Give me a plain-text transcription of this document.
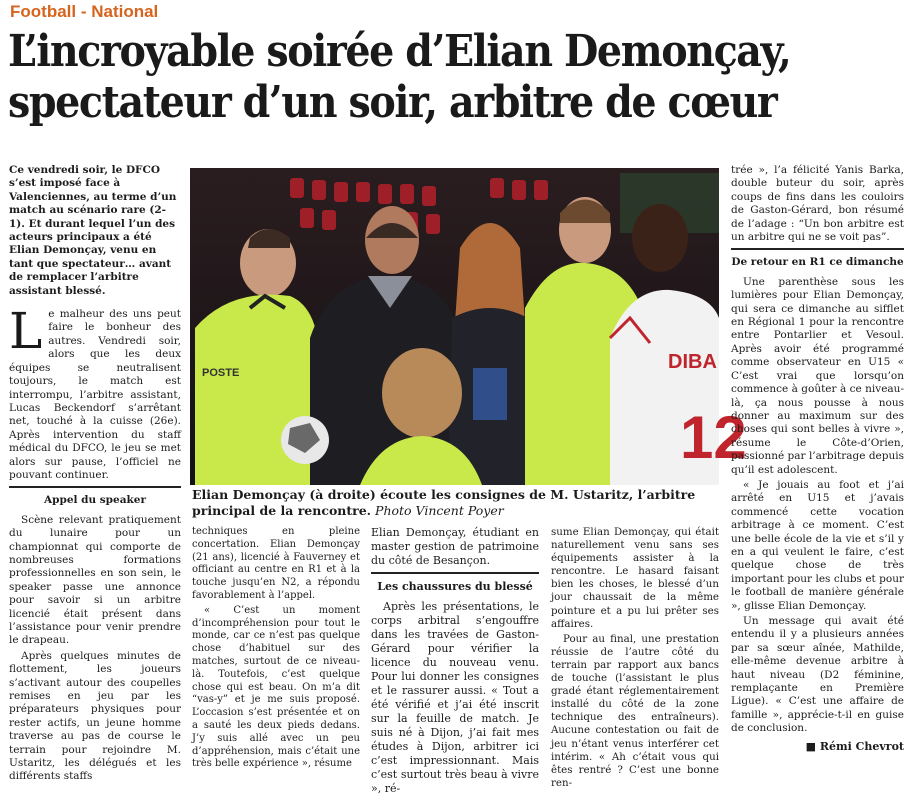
Football - National
L’incroyable soirée d’Elian Demonçay,
spectateur d’un soir, arbitre de cœur

Ce vendredi soir, le DFCO s’est imposé face à Valenciennes, au terme d’un match au scénario rare (2-1). Et durant lequel l’un des acteurs principaux a été Elian Demonçay, venu en tant que spectateur… avant de remplacer l’arbitre assistant blessé.

Le malheur des uns peut faire le bonheur des autres. Vendredi soir, alors que les deux équipes se neutralisent toujours, le match est interrompu, l’arbitre assistant, Lucas Beckendorf s’arrêtant net, touché à la cuisse (26e). Après intervention du staff médical du DFCO, le jeu se met alors sur pause, l’officiel ne pouvant continuer.

Appel du speaker

Scène relevant pratiquement du lunaire pour un championnat qui comporte de nombreuses formations professionnelles en son sein, le speaker passe une annonce pour savoir si un arbitre licencié était présent dans l’assistance pour venir prendre le drapeau.

Après quelques minutes de flottement, les joueurs s’activant autour des coupelles remises en jeu par les préparateurs physiques pour rester actifs, un jeune homme traverse au pas de course le terrain pour rejoindre M. Ustaritz, les délégués et les différents staffs

POSTE	DIBA
12
Elian Demonçay (à droite) écoute les consignes de M. Ustaritz, l’arbitre principal de la rencontre. Photo Vincent Poyer

techniques en pleine concertation. Elian Demonçay (21 ans), licencié à Fauverney et officiant au centre en R1 et à la touche jusqu’en N2, a répondu favorablement à l’appel.

« C’est un moment d’incompréhension pour tout le monde, car ce n’est pas quelque chose d’habituel sur des matches, surtout de ce niveau-là. Toutefois, c’est quelque chose qui est beau. On m’a dit “vas-y” et je me suis proposé. L’occasion s’est présentée et on a sauté les deux pieds dedans. J’y suis allé avec un peu d’appréhension, mais c’était une très belle expérience », résume

Elian Demonçay, étudiant en master gestion de patrimoine du côté de Besançon.

Les chaussures du blessé

Après les présentations, le corps arbitral s’engouffre dans les travées de Gaston-Gérard pour vérifier la licence du nouveau venu. Pour lui donner les consignes et le rassurer aussi. « Tout a été vérifié et j’ai été inscrit sur la feuille de match. Je suis né à Dijon, j’ai fait mes études à Dijon, arbitrer ici c’est impressionnant. Mais c’est surtout très beau à vivre », ré-

sume Elian Demonçay, qui était naturellement venu sans ses équipements assister à la rencontre. Le hasard faisant bien les choses, le blessé d’un jour chaussait de la même pointure et a pu lui prêter ses affaires.

Pour au final, une prestation réussie de l’autre côté du terrain par rapport aux bancs de touche (l’assistant le plus gradé étant réglementairement installé du côté de la zone technique des entraîneurs). Aucune contestation ou fait de jeu n’étant venus interférer cet intérim. « Ah c’était vous qui êtes rentré ? C’est une bonne ren-

trée », l’a félicité Yanis Barka, double buteur du soir, après coups de fins dans les couloirs de Gaston-Gérard, bon résumé de l’adage : “Un bon arbitre est un arbitre qui ne se voit pas”.

De retour en R1 ce dimanche

Une parenthèse sous les lumières pour Elian Demonçay, qui sera ce dimanche au sifflet en Régional 1 pour la rencontre entre Pontarlier et Vesoul. Après avoir été programmé comme observateur en U15 « C’est vrai que lorsqu’on commence à goûter à ce niveau-là, ça nous pousse à nous donner au maximum sur des choses qui sont belles à vivre », résume le Côte-d’Orien, passionné par l’arbitrage depuis qu’il est adolescent.

« Je jouais au foot et j’ai arrêté en U15 et j’avais commencé cette vocation arbitrage à ce moment. C’est une belle école de la vie et s’il y en a qui veulent le faire, c’est quelque chose de très important pour les clubs et pour le football de manière générale », glisse Elian Demonçay.

Un message qui avait été entendu il y a plusieurs années par sa sœur aînée, Mathilde, elle-même devenue arbitre à haut niveau (D2 féminine, remplaçante en Première Ligue). « C’est une affaire de famille », apprécie-t-il en guise de conclusion.

■ Rémi Chevrot
